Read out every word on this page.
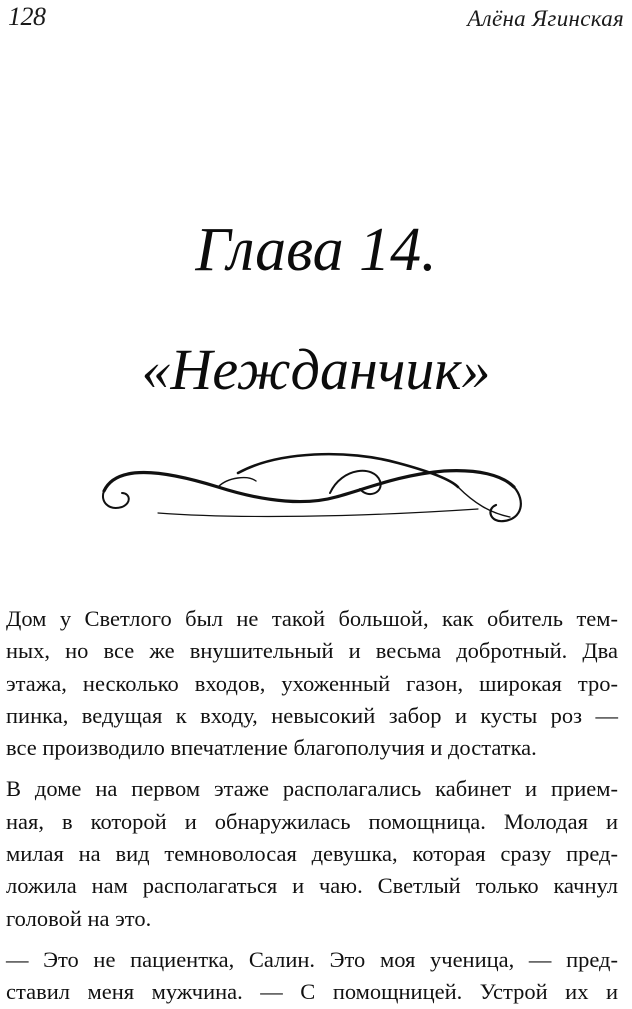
128	Алёна Ягинская
Глава 14.
«Нежданчик»

Дом у Светлого был не такой большой, как обитель тем-
ных, но все же внушительный и весьма добротный. Два
этажа, несколько входов, ухоженный газон, широкая тро-
пинка, ведущая к входу, невысокий забор и кусты роз —
все производило впечатление благополучия и достатка.

В доме на первом этаже располагались кабинет и прием-
ная, в которой и обнаружилась помощница. Молодая и
милая на вид темноволосая девушка, которая сразу пред-
ложила нам располагаться и чаю. Светлый только качнул
головой на это.

— Это не пациентка, Салин. Это моя ученица, — пред-
ставил меня мужчина. — С помощницей. Устрой их и
